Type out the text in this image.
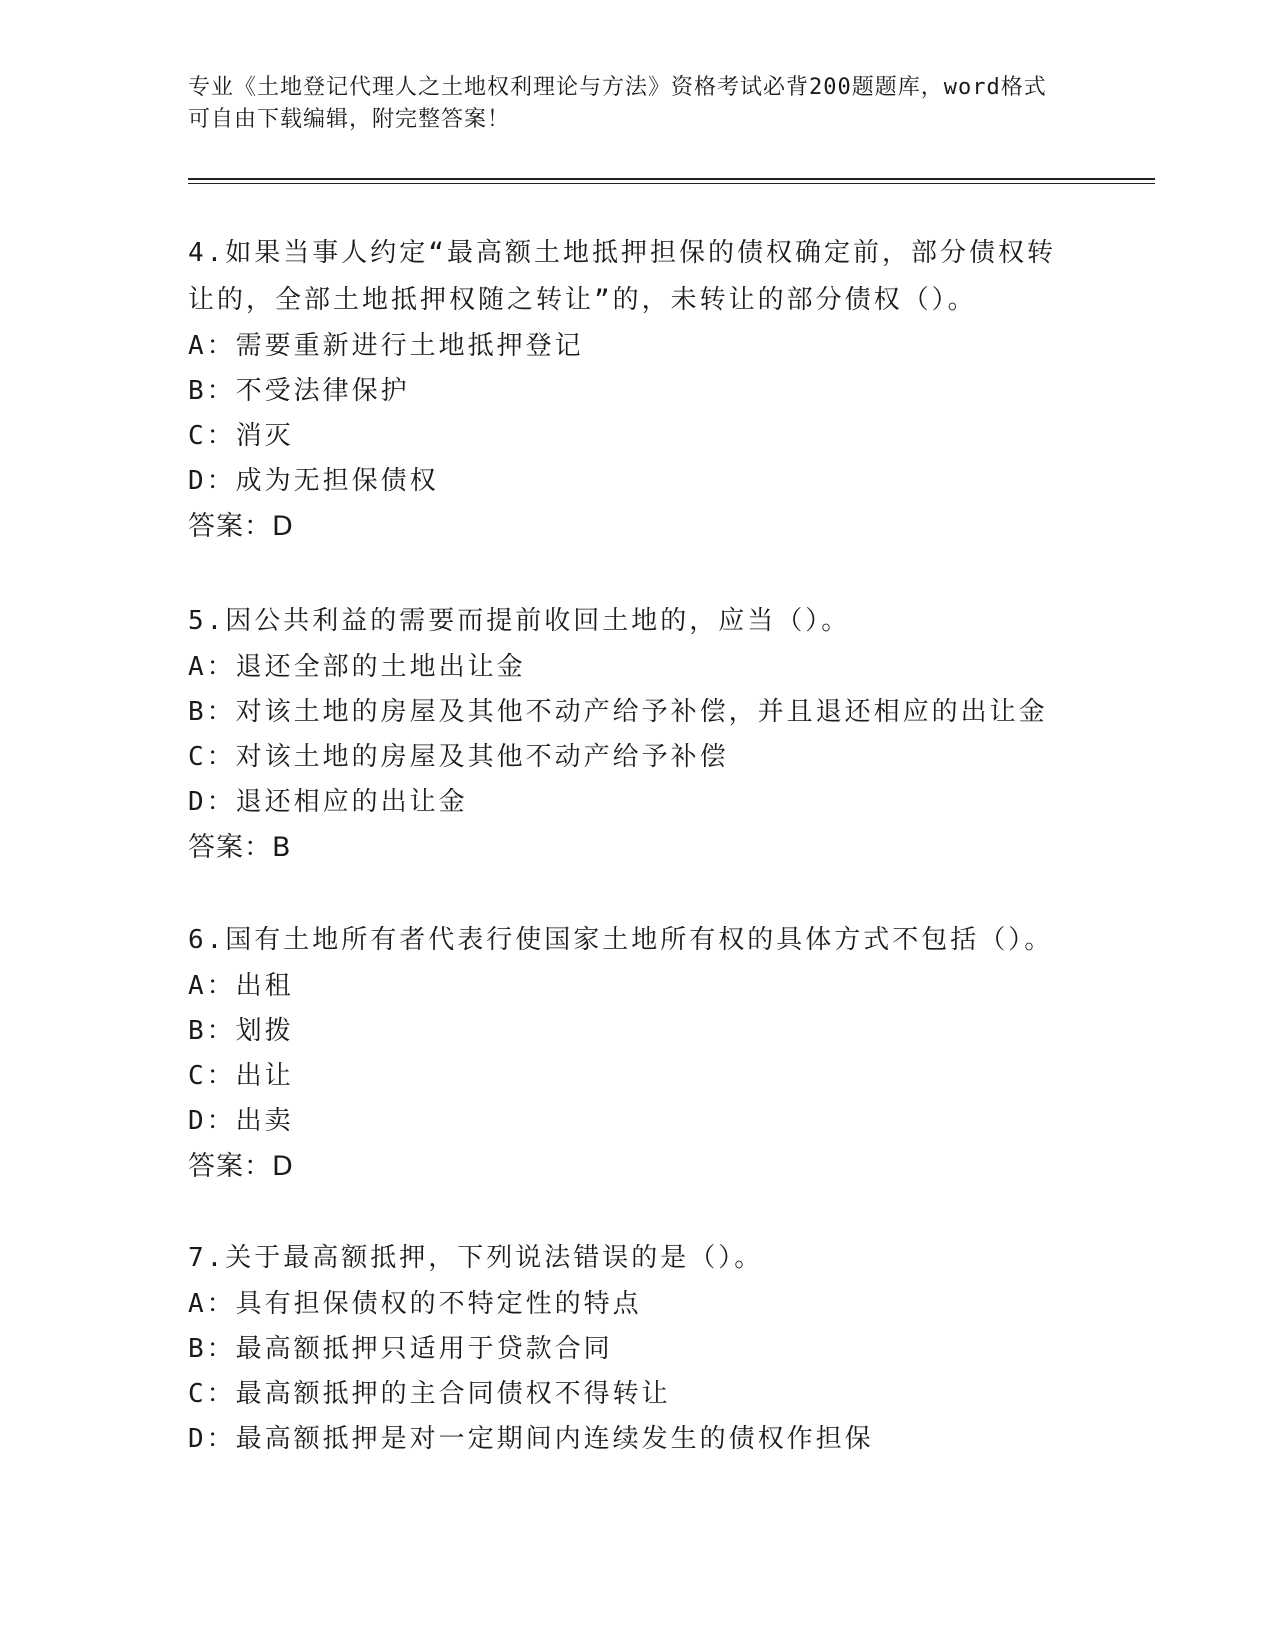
专业《土地登记代理人之土地权利理论与方法》资格考试必背200题题库，word格式可自由下载编辑，附完整答案！

4.如果当事人约定“最高额土地抵押担保的债权确定前，部分债权转让的，全部土地抵押权随之转让”的，未转让的部分债权（）。

A：需要重新进行土地抵押登记

B：不受法律保护

C：消灭

D：成为无担保债权

答案：D

5.因公共利益的需要而提前收回土地的，应当（）。

A：退还全部的土地出让金

B：对该土地的房屋及其他不动产给予补偿，并且退还相应的出让金

C：对该土地的房屋及其他不动产给予补偿

D：退还相应的出让金

答案：B

6.国有土地所有者代表行使国家土地所有权的具体方式不包括（）。

A：出租

B：划拨

C：出让

D：出卖

答案：D

7.关于最高额抵押，下列说法错误的是（）。

A：具有担保债权的不特定性的特点

B：最高额抵押只适用于贷款合同

C：最高额抵押的主合同债权不得转让

D：最高额抵押是对一定期间内连续发生的债权作担保
